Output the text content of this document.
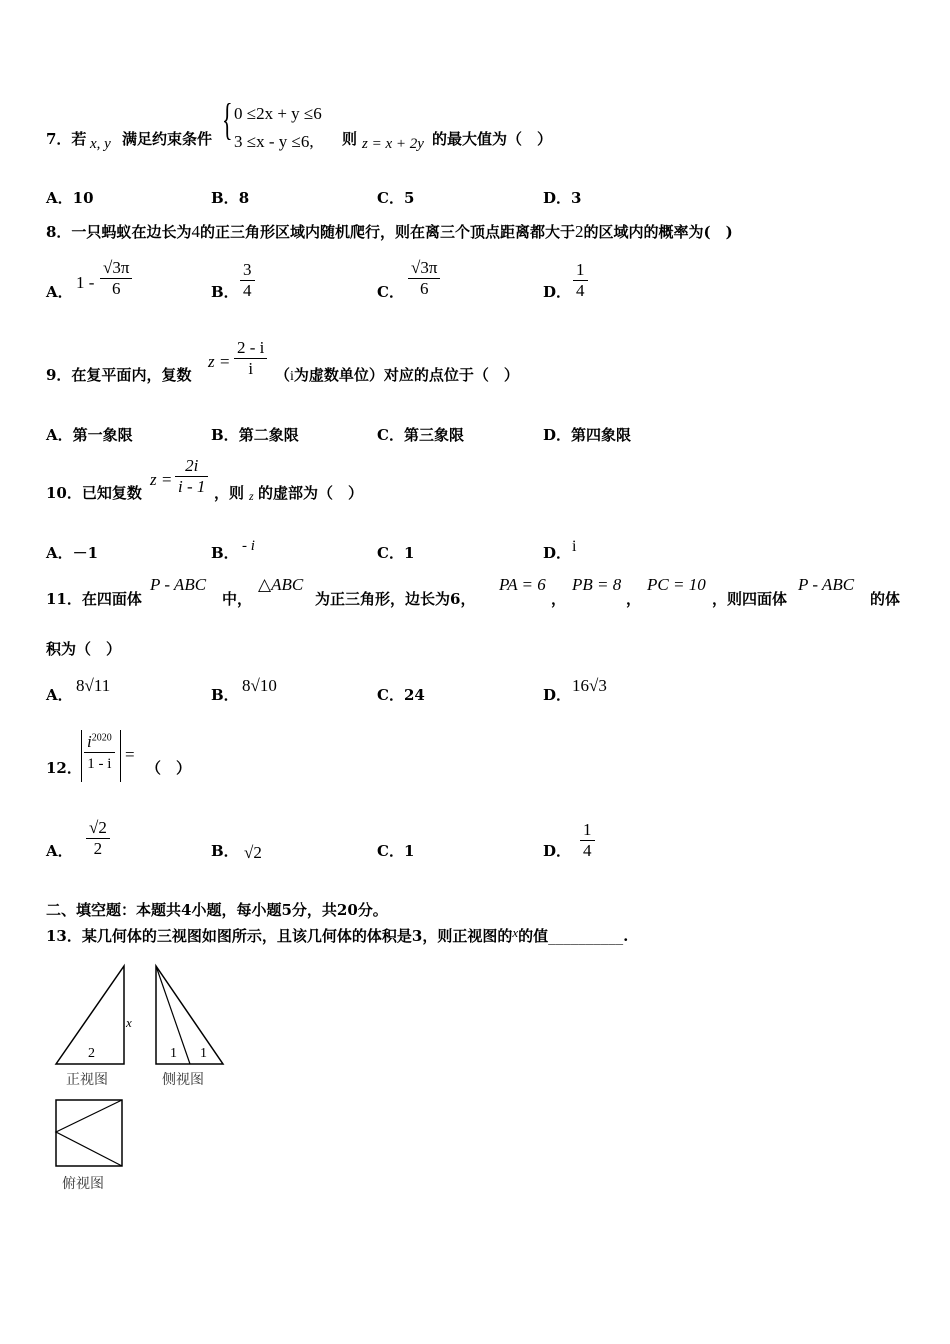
7．若 x, y 满足约束条件 { 0 ≤2x + y ≤6
3 ≤x - y ≤6, 则 z = x + 2y 的最大值为（　）
A．10	B．8	C．5	D．3
8．一只蚂蚁在边长为4的正三角形区域内随机爬行，则在离三个顶点距离都大于2的区域内的概率为(　)
A． $1 - \frac{√3\pi}{6}$	B． $\frac{3}{4}$	C． $\frac{√3\pi}{6}$	D． $\frac{1}{4}$
9．在复平面内，复数
$z = \frac{2 - i}{i} (i$为虚数单位）对应的点位于（　）
A．第一象限	B．第二象限	C．第三象限	D．第四象限
10．已知复数
$z = \frac{2i}{i - 1}$ ，则 z 的虚部为（　）
A．－1	B． - i	C．1	D． i
11．在四面体
P - ABC
中，
△ABC
为正三角形，边长为6，
PA = 6
，
PB = 8
，
PC = 10
，则四面体
P - ABC
的体
积为（　）
A． 8√11	B． 8√10	C．24	D． 16√3
12． $\frac{i^{2020}}{1 - i}$ =
（　）
A． $\frac{√2}{2}$	B． √2	C．1	D． $\frac{1}{4}$
二、填空题：本题共4小题，每小题5分，共20分。
13．某几何体的三视图如图所示，且该几何体的体积是3，则正视图的x的值__________.
x
2	1 1
正视图	侧视图
俯视图
